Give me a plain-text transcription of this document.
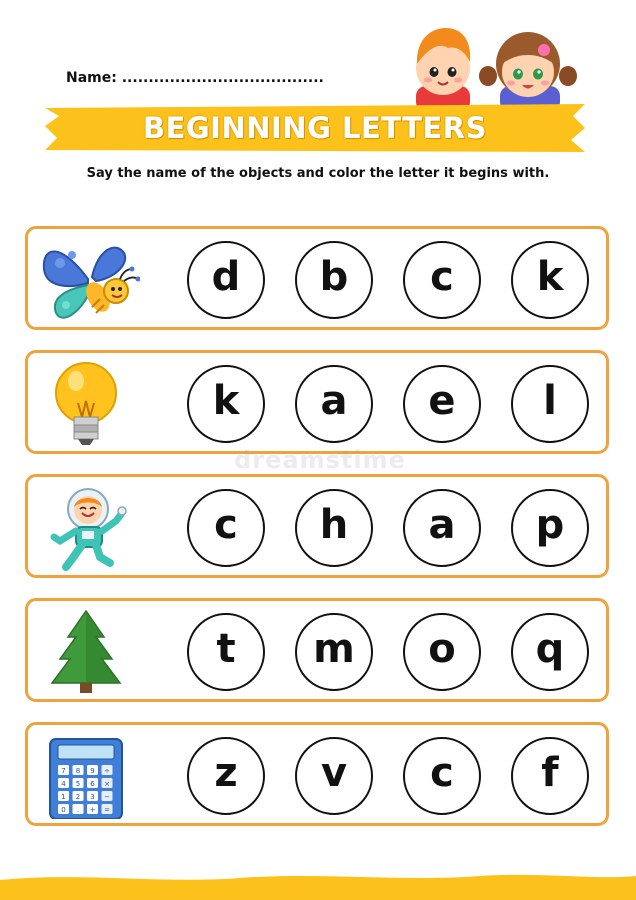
Name: ......................................
BEGINNING LETTERS
Say the name of the objects and color the letter it begins with.
d	b	c	k
k	a	e	l
c	h	a	p
t	m	o	q
7 8 9 ÷
4 5 6 ×
1 2 3 −
0 . + =
z	v	c	f
dreamstime
